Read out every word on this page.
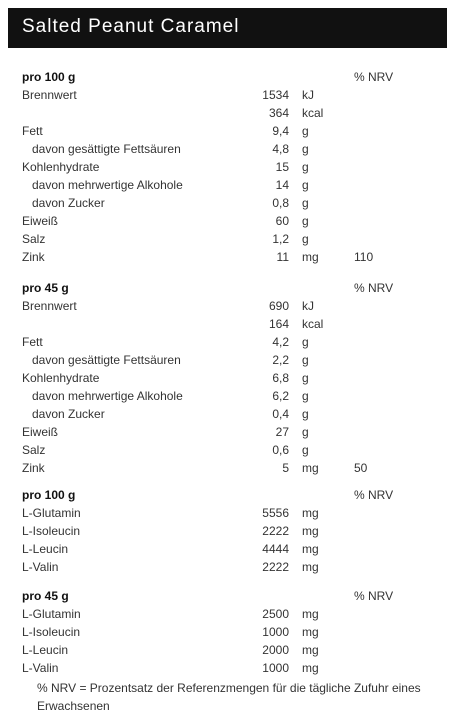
Salted Peanut Caramel
pro 100 g	% NRV
Brennwert	1534 kJ
364 kcal
Fett	9,4 g
davon gesättigte Fettsäuren	4,8 g
Kohlenhydrate	15 g
davon mehrwertige Alkohole	14 g
davon Zucker	0,8 g
Eiweiß	60 g
Salz	1,2 g
Zink	11 mg	110
pro 45 g	% NRV
Brennwert	690 kJ
164 kcal
Fett	4,2 g
davon gesättigte Fettsäuren	2,2 g
Kohlenhydrate	6,8 g
davon mehrwertige Alkohole	6,2 g
davon Zucker	0,4 g
Eiweiß	27 g
Salz	0,6 g
Zink	5 mg	50
pro 100 g	% NRV
L-Glutamin	5556 mg
L-Isoleucin	2222 mg
L-Leucin	4444 mg
L-Valin	2222 mg
pro 45 g	% NRV
L-Glutamin	2500 mg
L-Isoleucin	1000 mg
L-Leucin	2000 mg
L-Valin	1000 mg
% NRV = Prozentsatz der Referenzmengen für die tägliche Zufuhr eines Erwachsenen
